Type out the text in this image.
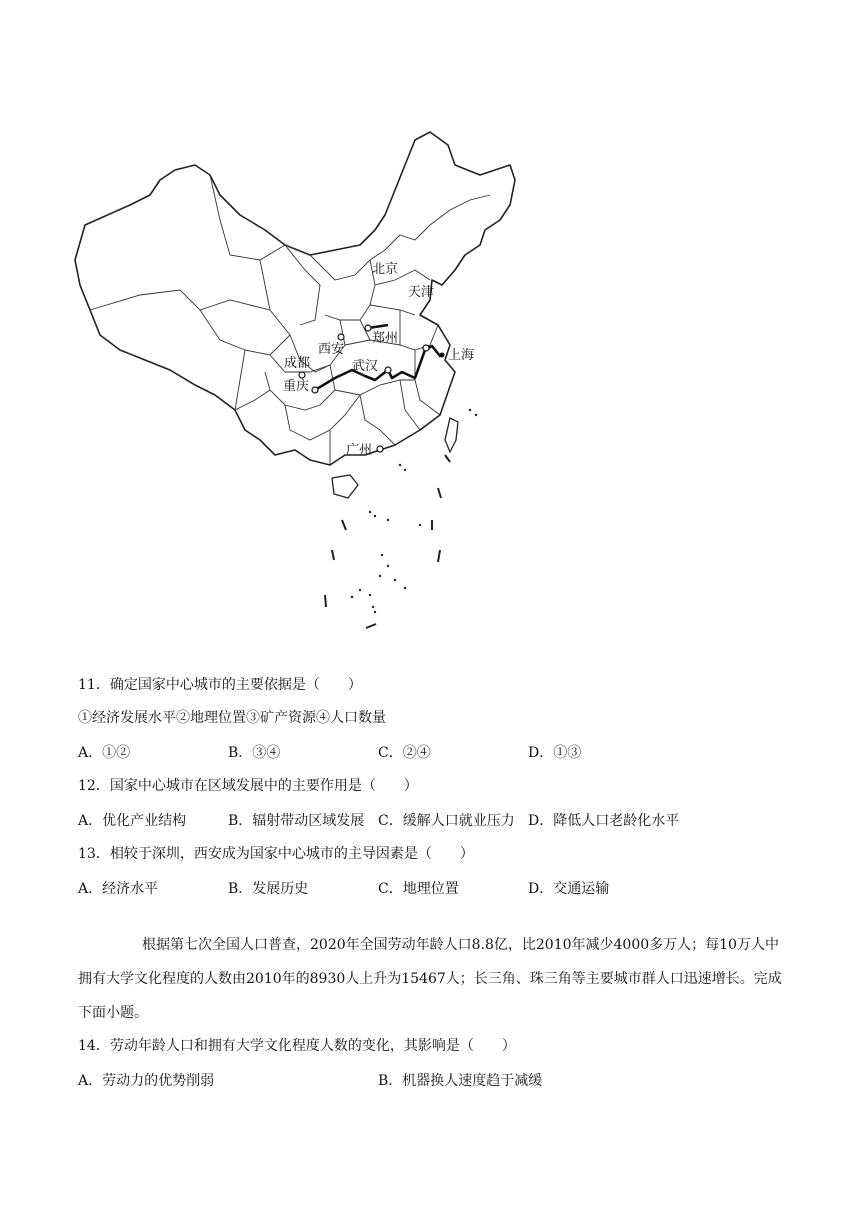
北京
天津
郑州
西安
成都
重庆
武汉
上海
广州
11．确定国家中心城市的主要依据是（　　）
①经济发展水平②地理位置③矿产资源④人口数量
A．①②	B．③④	C．②④	D．①③
12．国家中心城市在区域发展中的主要作用是（　　）
A．优化产业结构	B．辐射带动区域发展 C．缓解人口就业压力 D．降低人口老龄化水平
13．相较于深圳，西安成为国家中心城市的主导因素是（　　）
A．经济水平	B．发展历史	C．地理位置	D．交通运输
根据第七次全国人口普查，2020年全国劳动年龄人口8.8亿，比2010年减少4000多万人；每10万人中拥有大学文化程度的人数由2010年的8930人上升为15467人；长三角、珠三角等主要城市群人口迅速增长。完成下面小题。
14．劳动年龄人口和拥有大学文化程度人数的变化，其影响是（　　）
A．劳动力的优势削弱	B．机器换人速度趋于减缓
